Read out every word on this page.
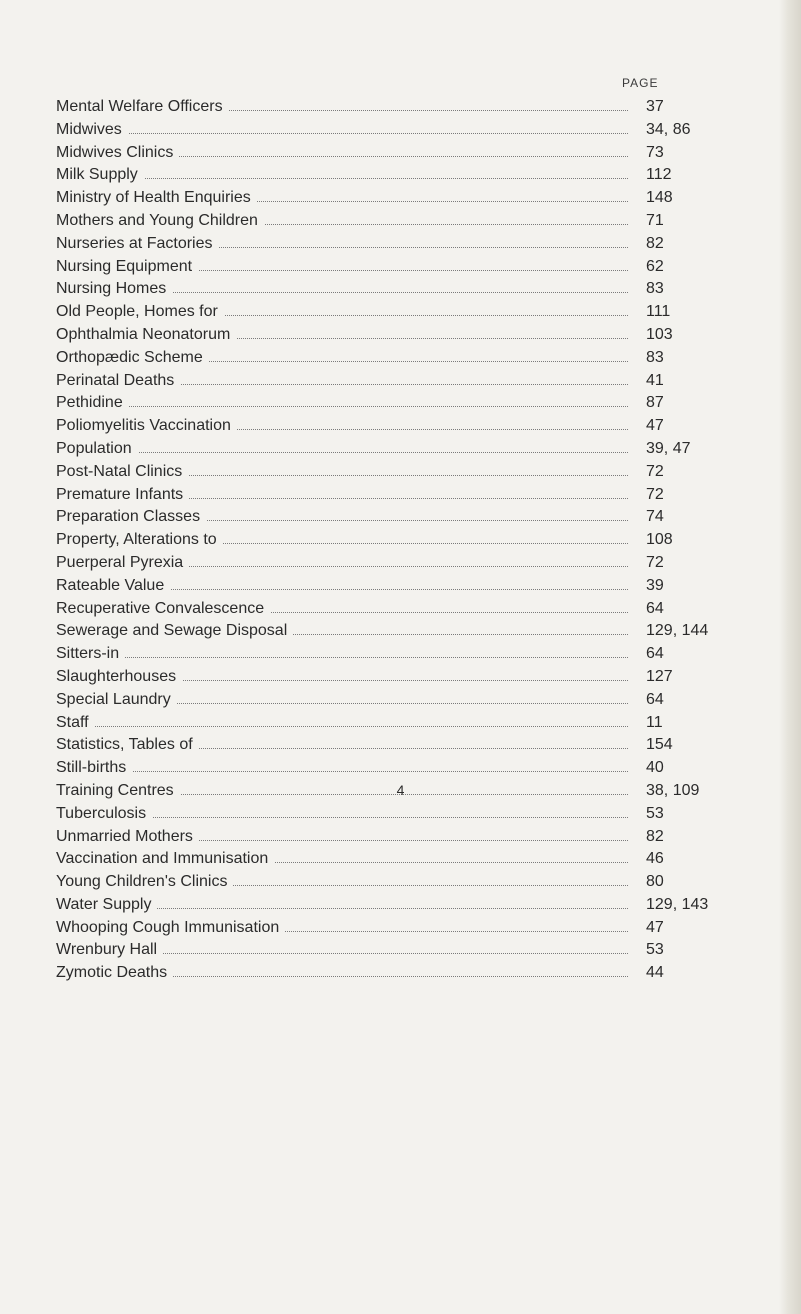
PAGE
Mental Welfare Officers	37
Midwives	34, 86
Midwives Clinics	73
Milk Supply	112
Ministry of Health Enquiries	148
Mothers and Young Children	71
Nurseries at Factories	82
Nursing Equipment	62
Nursing Homes	83
Old People, Homes for	111
Ophthalmia Neonatorum	103
Orthopædic Scheme	83
Perinatal Deaths	41
Pethidine	87
Poliomyelitis Vaccination	47
Population	39, 47
Post-Natal Clinics	72
Premature Infants	72
Preparation Classes	74
Property, Alterations to	108
Puerperal Pyrexia	72
Rateable Value	39
Recuperative Convalescence	64
Sewerage and Sewage Disposal	129, 144
Sitters-in	64
Slaughterhouses	127
Special Laundry	64
Staff	11
Statistics, Tables of	154
Still-births	40
Training Centres	38, 109
Tuberculosis	53
Unmarried Mothers	82
Vaccination and Immunisation	46
Young Children's Clinics	80
Water Supply	129, 143
Whooping Cough Immunisation	47
Wrenbury Hall	53
Zymotic Deaths	44
4
